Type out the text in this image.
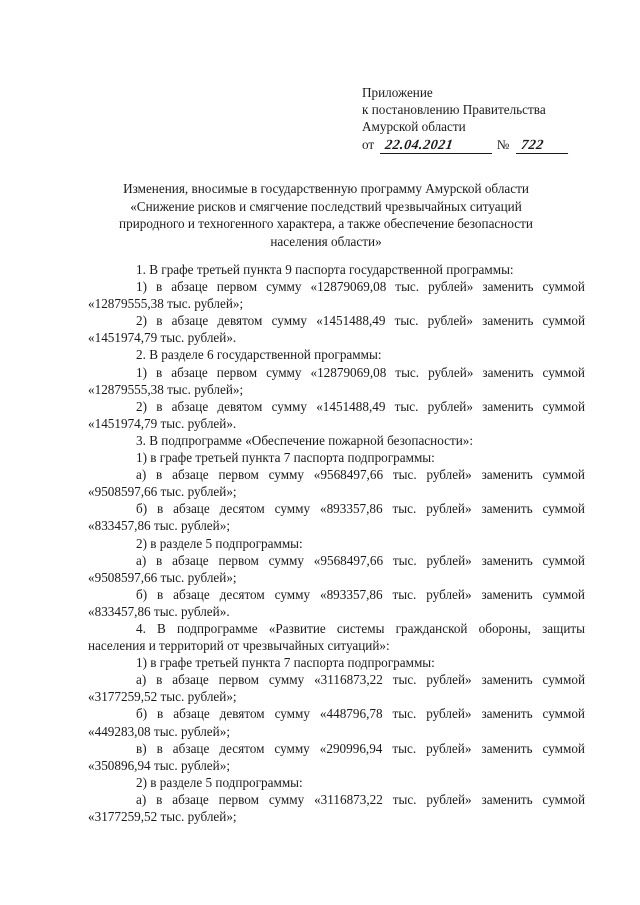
Приложение
к постановлению Правительства
Амурской области
от 22.04.2021	№ 722
Изменения, вносимые в государственную программу Амурской области
«Снижение рисков и смягчение последствий чрезвычайных ситуаций
природного и техногенного характера, а также обеспечение безопасности
населения области»

1. В графе третьей пункта 9 паспорта государственной программы:

1) в абзаце первом сумму «12879069,08 тыс. рублей» заменить суммой

«12879555,38 тыс. рублей»;

2) в абзаце девятом сумму «1451488,49 тыс. рублей» заменить суммой

«1451974,79 тыс. рублей».

2. В разделе 6 государственной программы:

1) в абзаце первом сумму «12879069,08 тыс. рублей» заменить суммой

«12879555,38 тыс. рублей»;

2) в абзаце девятом сумму «1451488,49 тыс. рублей» заменить суммой

«1451974,79 тыс. рублей».

3. В подпрограмме «Обеспечение пожарной безопасности»:

1) в графе третьей пункта 7 паспорта подпрограммы:

а) в абзаце первом сумму «9568497,66 тыс. рублей» заменить суммой

«9508597,66 тыс. рублей»;

б) в абзаце десятом сумму «893357,86 тыс. рублей» заменить суммой

«833457,86 тыс. рублей»;

2) в разделе 5 подпрограммы:

а) в абзаце первом сумму «9568497,66 тыс. рублей» заменить суммой

«9508597,66 тыс. рублей»;

б) в абзаце десятом сумму «893357,86 тыс. рублей» заменить суммой

«833457,86 тыс. рублей».

4. В подпрограмме «Развитие системы гражданской обороны, защиты

населения и территорий от чрезвычайных ситуаций»:

1) в графе третьей пункта 7 паспорта подпрограммы:

а) в абзаце первом сумму «3116873,22 тыс. рублей» заменить суммой

«3177259,52 тыс. рублей»;

б) в абзаце девятом сумму «448796,78 тыс. рублей» заменить суммой

«449283,08 тыс. рублей»;

в) в абзаце десятом сумму «290996,94 тыс. рублей» заменить суммой

«350896,94 тыс. рублей»;

2) в разделе 5 подпрограммы:

а) в абзаце первом сумму «3116873,22 тыс. рублей» заменить суммой

«3177259,52 тыс. рублей»;
